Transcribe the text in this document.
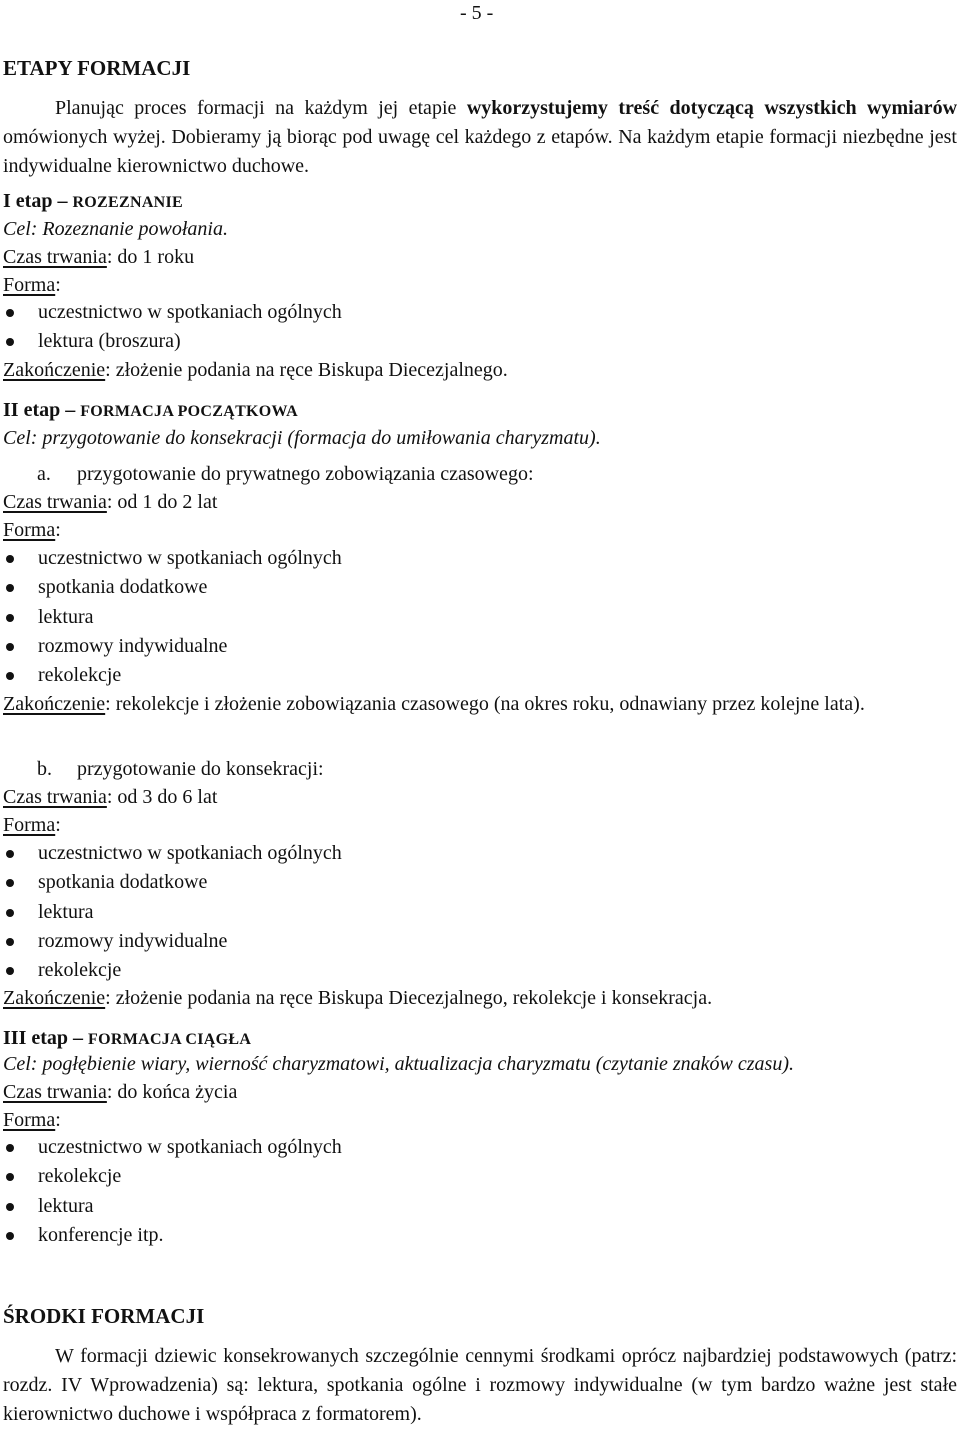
- 5 -
ETAPY FORMACJI
Planując proces formacji na każdym jej etapie wykorzystujemy treść dotyczącą wszystkich wymiarów omówionych wyżej. Dobieramy ją biorąc pod uwagę cel każdego z etapów. Na każdym etapie formacji niezbędne jest indywidualne kierownictwo duchowe.
I etap – ROZEZNANIE
Cel: Rozeznanie powołania.
Czas trwania: do 1 roku
Forma:
uczestnictwo w spotkaniach ogólnych
lektura (broszura)
Zakończenie: złożenie podania na ręce Biskupa Diecezjalnego.
II etap – FORMACJA POCZĄTKOWA
Cel: przygotowanie do konsekracji (formacja do umiłowania charyzmatu).
a. przygotowanie do prywatnego zobowiązania czasowego:
Czas trwania: od 1 do 2 lat
Forma:
uczestnictwo w spotkaniach ogólnych
spotkania dodatkowe
lektura
rozmowy indywidualne
rekolekcje
Zakończenie: rekolekcje i złożenie zobowiązania czasowego (na okres roku, odnawiany przez kolejne lata).
b. przygotowanie do konsekracji:
Czas trwania: od 3 do 6 lat
Forma:
uczestnictwo w spotkaniach ogólnych
spotkania dodatkowe
lektura
rozmowy indywidualne
rekolekcje
Zakończenie: złożenie podania na ręce Biskupa Diecezjalnego, rekolekcje i konsekracja.
III etap – FORMACJA CIĄGŁA
Cel: pogłębienie wiary, wierność charyzmatowi, aktualizacja charyzmatu (czytanie znaków czasu).
Czas trwania: do końca życia
Forma:
uczestnictwo w spotkaniach ogólnych
rekolekcje
lektura
konferencje itp.
ŚRODKI FORMACJI
W formacji dziewic konsekrowanych szczególnie cennymi środkami oprócz najbardziej podstawowych (patrz: rozdz. IV Wprowadzenia) są: lektura, spotkania ogólne i rozmowy indywidualne (w tym bardzo ważne jest stałe kierownictwo duchowe i współpraca z formatorem).
